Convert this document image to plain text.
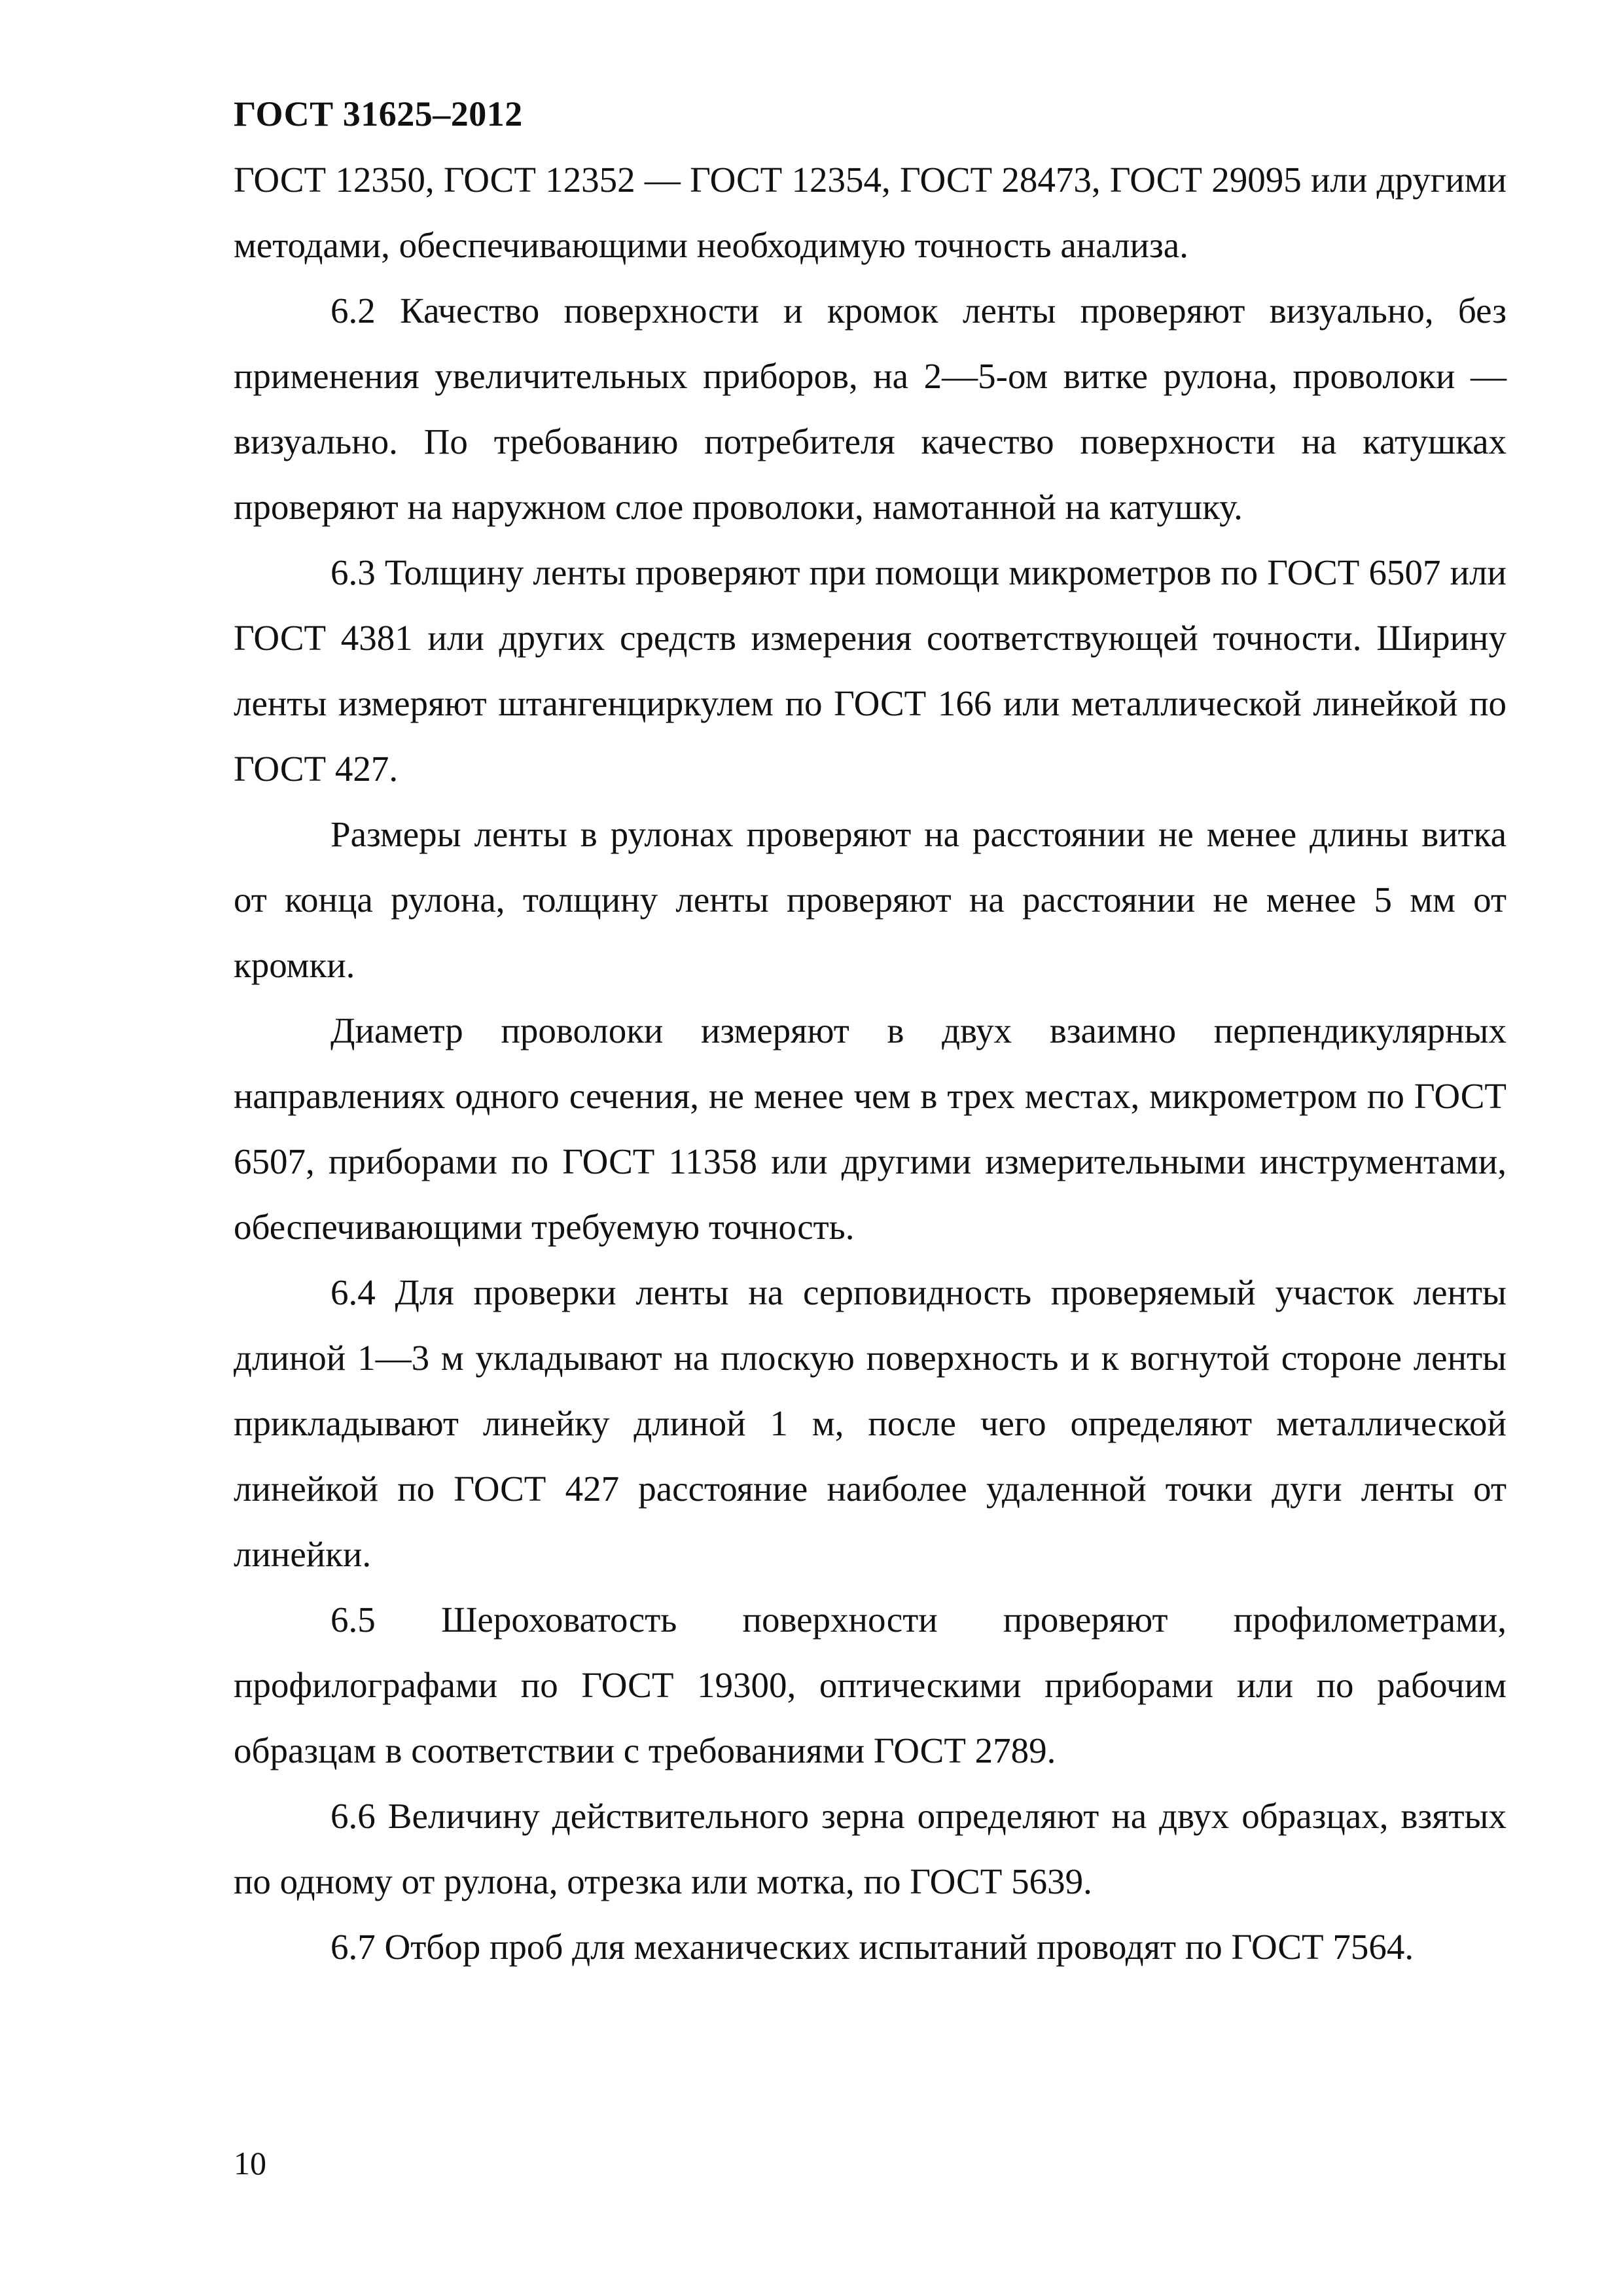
ГОСТ 31625–2012

ГОСТ 12350, ГОСТ 12352 — ГОСТ 12354, ГОСТ 28473, ГОСТ 29095 или другими методами, обеспечивающими необходимую точность анализа.

6.2 Качество поверхности и кромок ленты проверяют визуально, без применения увеличительных приборов, на 2—5-ом витке рулона, проволоки — визуально. По требованию потребителя качество поверхности на катушках проверяют на наружном слое проволоки, намотанной на катушку.

6.3 Толщину ленты проверяют при помощи микрометров по ГОСТ 6507 или ГОСТ 4381 или других средств измерения соответствующей точности. Ширину ленты измеряют штангенциркулем по ГОСТ 166 или металлической линейкой по ГОСТ 427.

Размеры ленты в рулонах проверяют на расстоянии не менее длины витка от конца рулона, толщину ленты проверяют на расстоянии не менее 5 мм от кромки.

Диаметр проволоки измеряют в двух взаимно перпендикулярных направлениях одного сечения, не менее чем в трех местах, микрометром по ГОСТ 6507, приборами по ГОСТ 11358 или другими измерительными инструментами, обеспечивающими требуемую точность.

6.4 Для проверки ленты на серповидность проверяемый участок ленты длиной 1—3 м укладывают на плоскую поверхность и к вогнутой стороне ленты прикладывают линейку длиной 1 м, после чего определяют металлической линейкой по ГОСТ 427 расстояние наиболее удаленной точки дуги ленты от линейки.

6.5 Шероховатость поверхности проверяют профилометрами, профилографами по ГОСТ 19300, оптическими приборами или по рабочим образцам в соответствии с требованиями ГОСТ 2789.

6.6 Величину действительного зерна определяют на двух образцах, взятых по одному от рулона, отрезка или мотка, по ГОСТ 5639.

6.7 Отбор проб для механических испытаний проводят по ГОСТ 7564.

10
